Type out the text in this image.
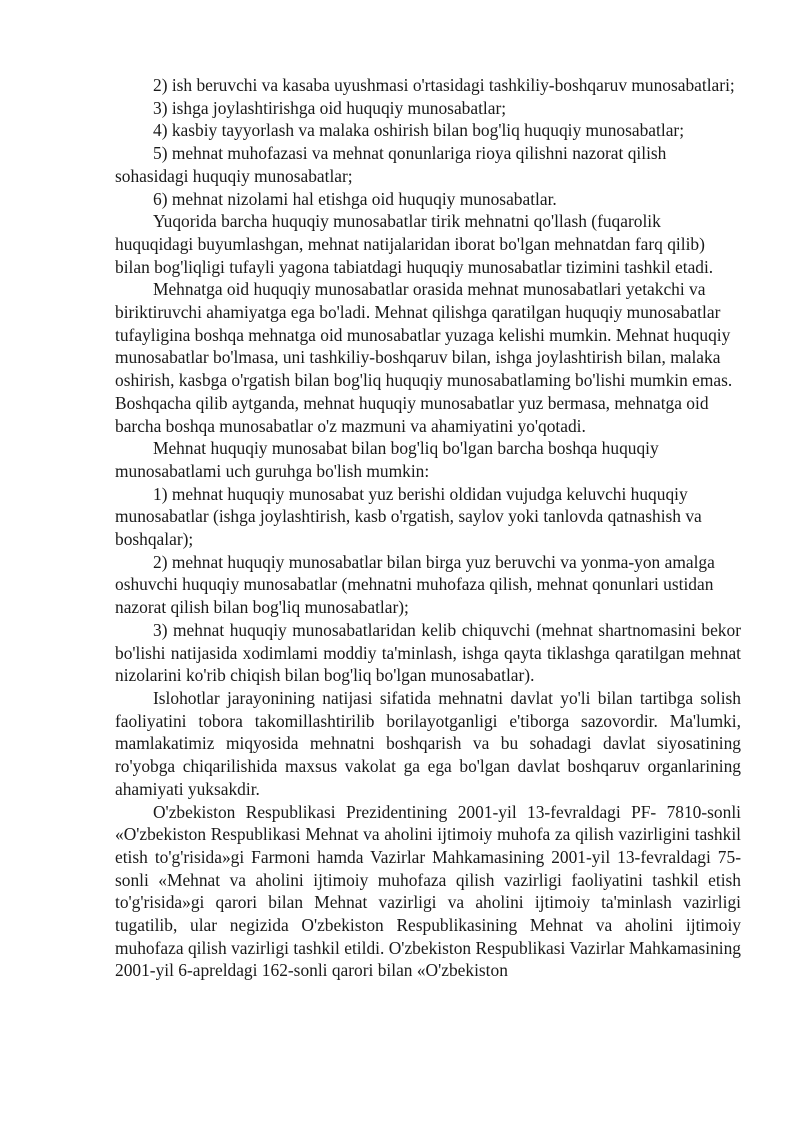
2) ish beruvchi va kasaba uyushmasi o'rtasidagi tashkiliy-boshqaruv munosabatlari;

3) ishga joylashtirishga oid huquqiy munosabatlar;

4) kasbiy tayyorlash va malaka oshirish bilan bog'liq huquqiy munosabatlar;

5) mehnat muhofazasi va mehnat qonunlariga rioya qilishni nazorat qilish sohasidagi huquqiy munosabatlar;

6) mehnat nizolami hal etishga oid huquqiy munosabatlar.

Yuqorida barcha huquqiy munosabatlar tirik mehnatni qo'llash (fuqarolik huquqidagi buyumlashgan, mehnat natijalaridan iborat bo'lgan mehnatdan farq qilib) bilan bog'liqligi tufayli yagona tabiatdagi huquqiy munosabatlar tizimini tashkil etadi.

Mehnatga oid huquqiy munosabatlar orasida mehnat munosabatlari yetakchi va biriktiruvchi ahamiyatga ega bo'ladi. Mehnat qilishga qaratilgan huquqiy munosabatlar tufayligina boshqa mehnatga oid munosabatlar yuzaga kelishi mumkin. Mehnat huquqiy munosabatlar bo'lmasa, uni tashkiliy-boshqaruv bilan, ishga joylashtirish bilan, malaka oshirish, kasbga o'rgatish bilan bog'liq huquqiy munosabatlaming bo'lishi mumkin emas. Boshqacha qilib aytganda, mehnat huquqiy munosabatlar yuz bermasa, mehnatga oid barcha boshqa munosabatlar o'z mazmuni va ahamiyatini yo'qotadi.

Mehnat huquqiy munosabat bilan bog'liq bo'lgan barcha boshqa huquqiy munosabatlami uch guruhga bo'lish mumkin:

1) mehnat huquqiy munosabat yuz berishi oldidan vujudga keluvchi huquqiy munosabatlar (ishga joylashtirish, kasb o'rgatish, saylov yoki tanlovda qatnashish va boshqalar);

2) mehnat huquqiy munosabatlar bilan birga yuz beruvchi va yonma-yon amalga oshuvchi huquqiy munosabatlar (mehnatni muhofaza qilish, mehnat qonunlari ustidan nazorat qilish bilan bog'liq munosabatlar);

3) mehnat huquqiy munosabatlaridan kelib chiquvchi (mehnat shartnomasini bekor bo'lishi natijasida xodimlami moddiy ta'minlash, ishga qayta tiklashga qaratilgan mehnat nizolarini ko'rib chiqish bilan bog'liq bo'lgan munosabatlar).

Islohotlar jarayonining natijasi sifatida mehnatni davlat yo'li bilan tartibga solish faoliyatini tobora takomillashtirilib borilayotganligi e'tiborga sazovordir. Ma'lumki, mamlakatimiz miqyosida mehnatni boshqarish va bu sohadagi davlat siyosatining ro'yobga chiqarilishida maxsus vakolat ga ega bo'lgan davlat boshqaruv organlarining ahamiyati yuksakdir.

O'zbekiston Respublikasi Prezidentining 2001-yil 13-fevraldagi PF- 7810-sonli «O'zbekiston Respublikasi Mehnat va aholini ijtimoiy muhofa za qilish vazirligini tashkil etish to'g'risida»gi Farmoni hamda Vazirlar Mahkamasining 2001-yil 13-fevraldagi 75-sonli «Mehnat va aholini ijtimoiy muhofaza qilish vazirligi faoliyatini tashkil etish to'g'risida»gi qarori bilan Mehnat vazirligi va aholini ijtimoiy ta'minlash vazirligi tugatilib, ular negizida O'zbekiston Respublikasining Mehnat va aholini ijtimoiy muhofaza qilish vazirligi tashkil etildi. O'zbekiston Respublikasi Vazirlar Mahkamasining 2001-yil 6-apreldagi 162-sonli qarori bilan «O'zbekiston
